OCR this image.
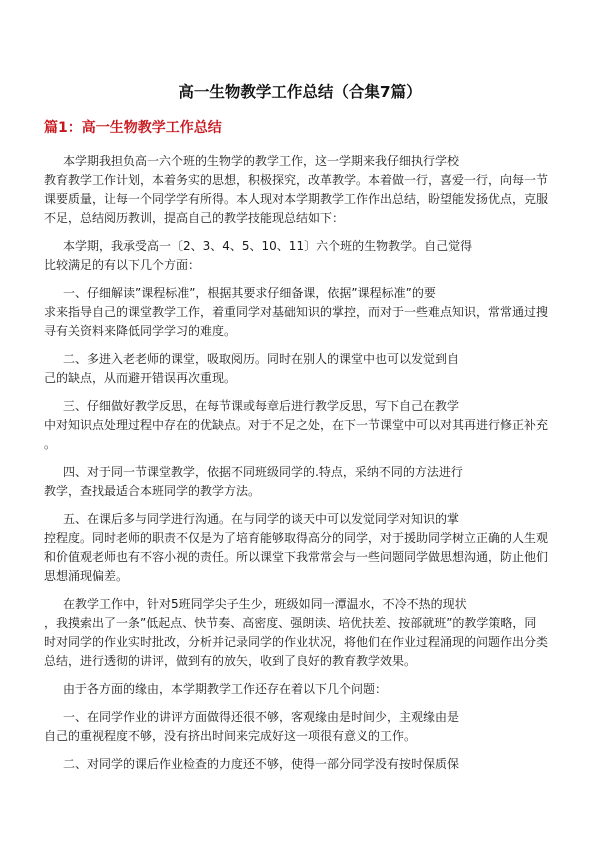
高一生物教学工作总结（合集7篇）
篇1：高一生物教学工作总结
本学期我担负高一六个班的生物学的教学工作，这一学期来我仔细执行学校
教育教学工作计划，本着务实的思想，积极探究，改革教学。本着做一行，喜爱一行，向每一节
课要质量，让每一个同学学有所得。本人现对本学期教学工作作出总结，盼望能发扬优点，克服
不足，总结阅历教训，提高自己的教学技能现总结如下：
本学期，我承受高一〔2、3、4、5、10、11〕六个班的生物教学。自己觉得
比较满足的有以下几个方面：
一、仔细解读”课程标准”，根据其要求仔细备课，依据”课程标准”的要
求来指导自己的课堂教学工作，着重同学对基础知识的掌控，而对于一些难点知识，常常通过搜
寻有关资料来降低同学学习的难度。
二、多进入老老师的课堂，吸取阅历。同时在别人的课堂中也可以发觉到自
己的缺点，从而避开错误再次重现。
三、仔细做好教学反思，在每节课或每章后进行教学反思，写下自己在教学
中对知识点处理过程中存在的优缺点。对于不足之处，在下一节课堂中可以对其再进行修正补充
。
四、对于同一节课堂教学，依据不同班级同学的.特点，采纳不同的方法进行
教学，查找最适合本班同学的教学方法。
五、在课后多与同学进行沟通。在与同学的谈天中可以发觉同学对知识的掌
控程度。同时老师的职责不仅是为了培育能够取得高分的同学，对于援助同学树立正确的人生观
和价值观老师也有不容小视的责任。所以课堂下我常常会与一些问题同学做思想沟通，防止他们
思想涌现偏差。
在教学工作中，针对5班同学尖子生少，班级如同一潭温水，不冷不热的现状
，我摸索出了一条”低起点、快节奏、高密度、强朗读、培优扶差、按部就班”的教学策略，同
时对同学的作业实时批改，分析并记录同学的作业状况，将他们在作业过程涌现的问题作出分类
总结，进行透彻的讲评，做到有的放矢，收到了良好的教育教学效果。
由于各方面的缘由，本学期教学工作还存在着以下几个问题：
一、在同学作业的讲评方面做得还很不够，客观缘由是时间少，主观缘由是
自己的重视程度不够，没有挤出时间来完成好这一项很有意义的工作。
二、对同学的课后作业检查的力度还不够，使得一部分同学没有按时保质保
